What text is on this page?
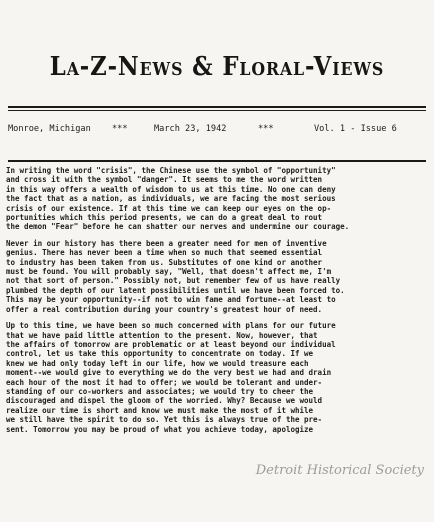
La-Z-News & Floral-Views
Monroe, Michigan ***	March 23, 1942	***	Vol. 1 - Issue 6
In writing the word "crisis", the Chinese use the symbol of "opportunity"
and cross it with the symbol "danger". It seems to me the word written
in this way offers a wealth of wisdom to us at this time. No one can deny
the fact that as a nation, as individuals, we are facing the most serious
crisis of our existence. If at this time we can keep our eyes on the op-
portunities which this period presents, we can do a great deal to rout
the demon "Fear" before he can shatter our nerves and undermine our courage.
Never in our history has there been a greater need for men of inventive
genius. There has never been a time when so much that seemed essential
to industry has been taken from us. Substitutes of one kind or another
must be found. You will probably say, "Well, that doesn't affect me, I'm
not that sort of person." Possibly not, but remember few of us have really
plumbed the depth of our latent possibilities until we have been forced to.
This may be your opportunity--if not to win fame and fortune--at least to
offer a real contribution during your country's greatest hour of need.
Up to this time, we have been so much concerned with plans for our future
that we have paid little attention to the present. Now, however, that
the affairs of tomorrow are problematic or at least beyond our individual
control, let us take this opportunity to concentrate on today. If we
knew we had only today left in our life, how we would treasure each
moment--we would give to everything we do the very best we had and drain
each hour of the most it had to offer; we would be tolerant and under-
standing of our co-workers and associates; we would try to cheer the
discouraged and dispel the gloom of the worried. Why? Because we would
realize our time is short and know we must make the most of it while
we still have the spirit to do so. Yet this is always true of the pre-
sent. Tomorrow you may be proud of what you achieve today, apologize
Detroit Historical Society
